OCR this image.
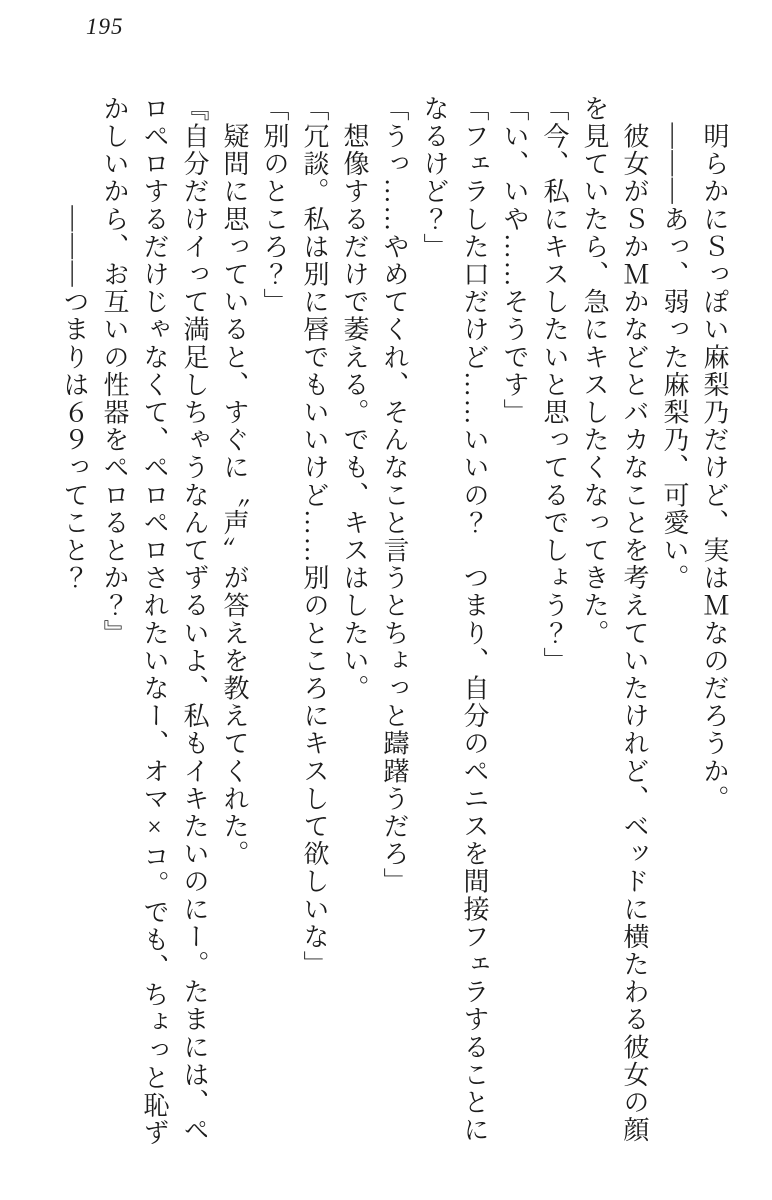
195
　明らかにＳっぽい麻梨乃だけど、実はＭなのだろうか。
　―――あっ、弱った麻梨乃、可愛い。
　彼女がＳかＭかなどとバカなことを考えていたけれど、ベッドに横たわる彼女の顔
を見ていたら、急にキスしたくなってきた。
「今、私にキスしたいと思ってるでしょう？」
「い、いや……そうです」
「フェラした口だけど……いいの？　つまり、自分のペニスを間接フェラすることに
なるけど？」
「うっ……やめてくれ、そんなこと言うとちょっと躊躇うだろ」
　想像するだけで萎える。でも、キスはしたい。
「冗談。私は別に唇でもいいけど……別のところにキスして欲しいな」
「別のところ？」
　疑問に思っていると、すぐに〝声〟が答えを教えてくれた。
『自分だけイって満足しちゃうなんてずるいよ、私もイキたいのにー。たまには、ペ
ロペロするだけじゃなくて、ペロペロされたいなー、オマ×コ。でも、ちょっと恥ず
かしいから、お互いの性器をペロるとか？』
　　　　―――つまりは６９ってこと？
